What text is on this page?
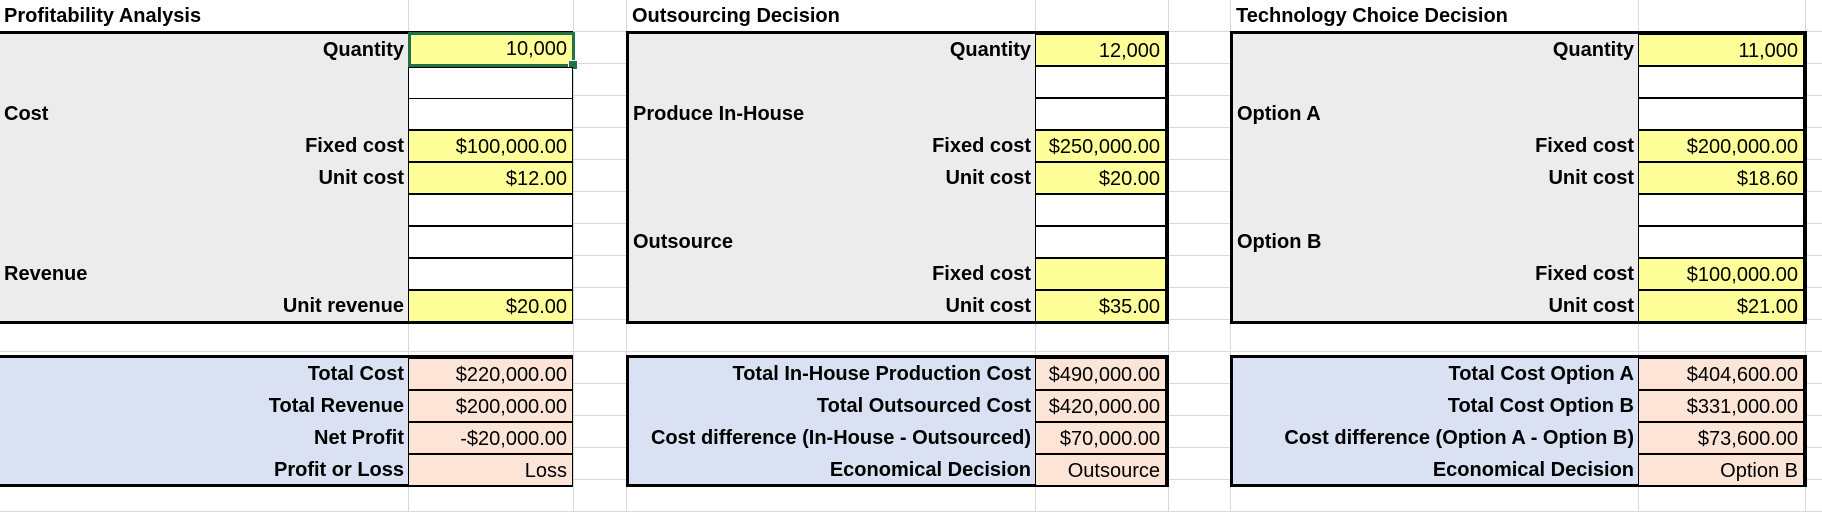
Profitability Analysis
Quantity	10,000
Cost
Fixed cost	$100,000.00
Unit cost	$12.00
Revenue
Unit revenue	$20.00
Total Cost	$220,000.00
Total Revenue	$200,000.00
Net Profit	-$20,000.00
Profit or Loss	Loss
Outsourcing Decision
Quantity	12,000
Produce In-House
Fixed cost $250,000.00
Unit cost	$20.00
Outsource
Fixed cost
Unit cost	$35.00
Total In-House Production Cost $490,000.00
Total Outsourced Cost $420,000.00
Cost difference (In-House - Outsourced)	$70,000.00
Economical Decision	Outsource
Technology Choice Decision
Quantity	11,000
Option A
Fixed cost	$200,000.00
Unit cost	$18.60
Option B
Fixed cost	$100,000.00
Unit cost	$21.00
Total Cost Option A	$404,600.00
Total Cost Option B	$331,000.00
Cost difference (Option A - Option B)	$73,600.00
Economical Decision	Option B
